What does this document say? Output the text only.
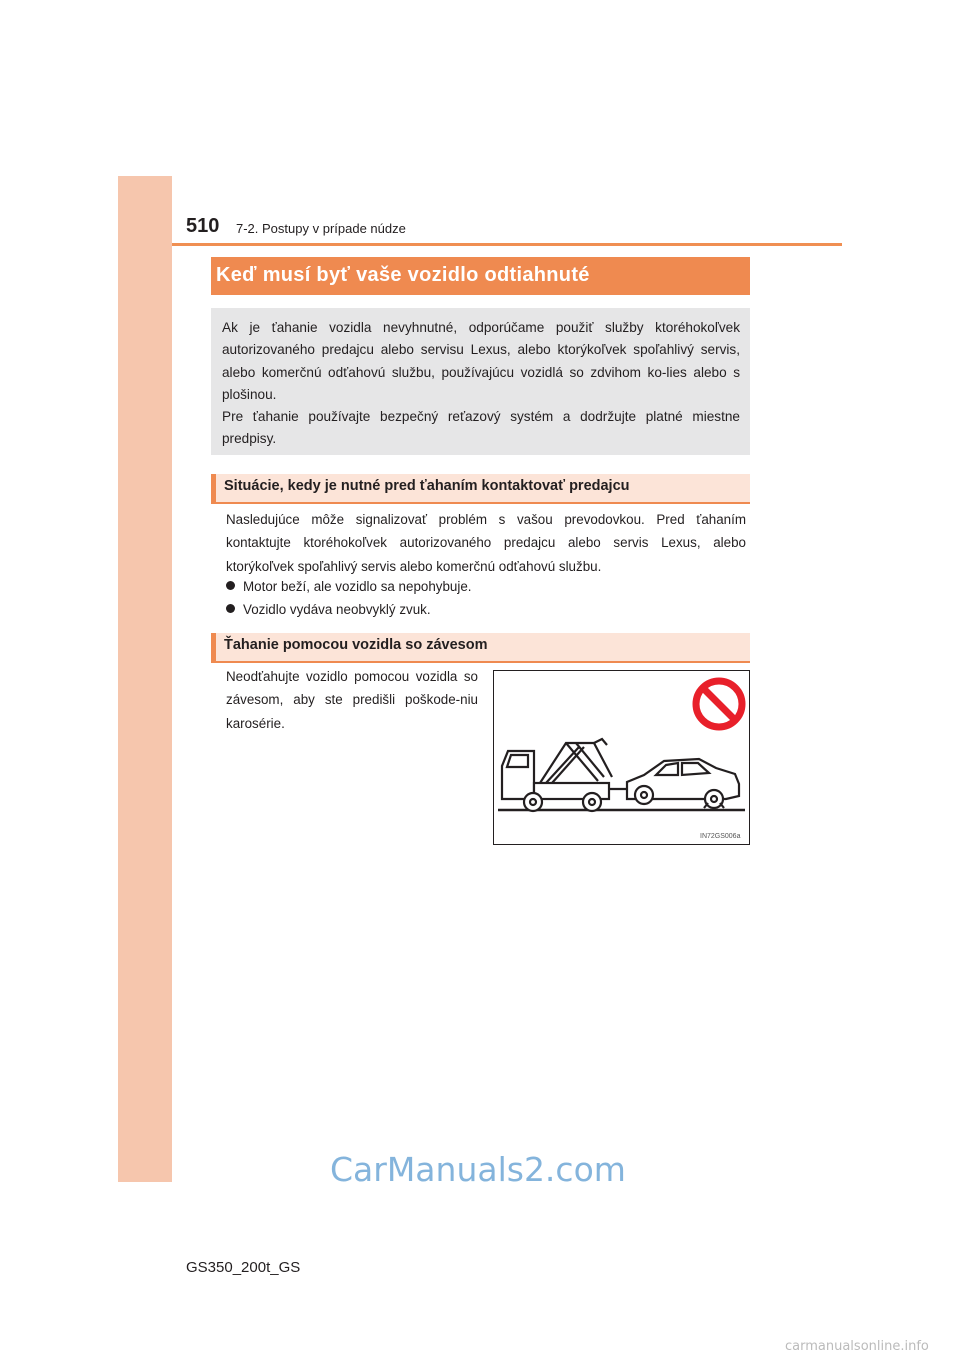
510 7-2. Postupy v prípade núdze
Keď musí byť vaše vozidlo odtiahnuté

Ak je ťahanie vozidla nevyhnutné, odporúčame použiť služby ktoréhokoľvek autorizovaného predajcu alebo servisu Lexus, alebo ktorýkoľvek spoľahlivý servis, alebo komerčnú odťahovú službu, používajúcu vozidlá so zdvihom ko-lies alebo s plošinou.

Pre ťahanie používajte bezpečný reťazový systém a dodržujte platné miestne predpisy.

Situácie, kedy je nutné pred ťahaním kontaktovať predajcu

Nasledujúce môže signalizovať problém s vašou prevodovkou. Pred ťahaním kontaktujte ktoréhokoľvek autorizovaného predajcu alebo servis Lexus, alebo ktorýkoľvek spoľahlivý servis alebo komerčnú odťahovú službu.

Motor beží, ale vozidlo sa nepohybuje.
Vozidlo vydáva neobvyklý zvuk.
Ťahanie pomocou vozidla so závesom

Neodťahujte vozidlo pomocou vozidla so závesom, aby ste predišli poškode-niu karosérie.

IN72GS006a
GS350_200t_GS
CarManuals2.com
carmanualsonline.info
